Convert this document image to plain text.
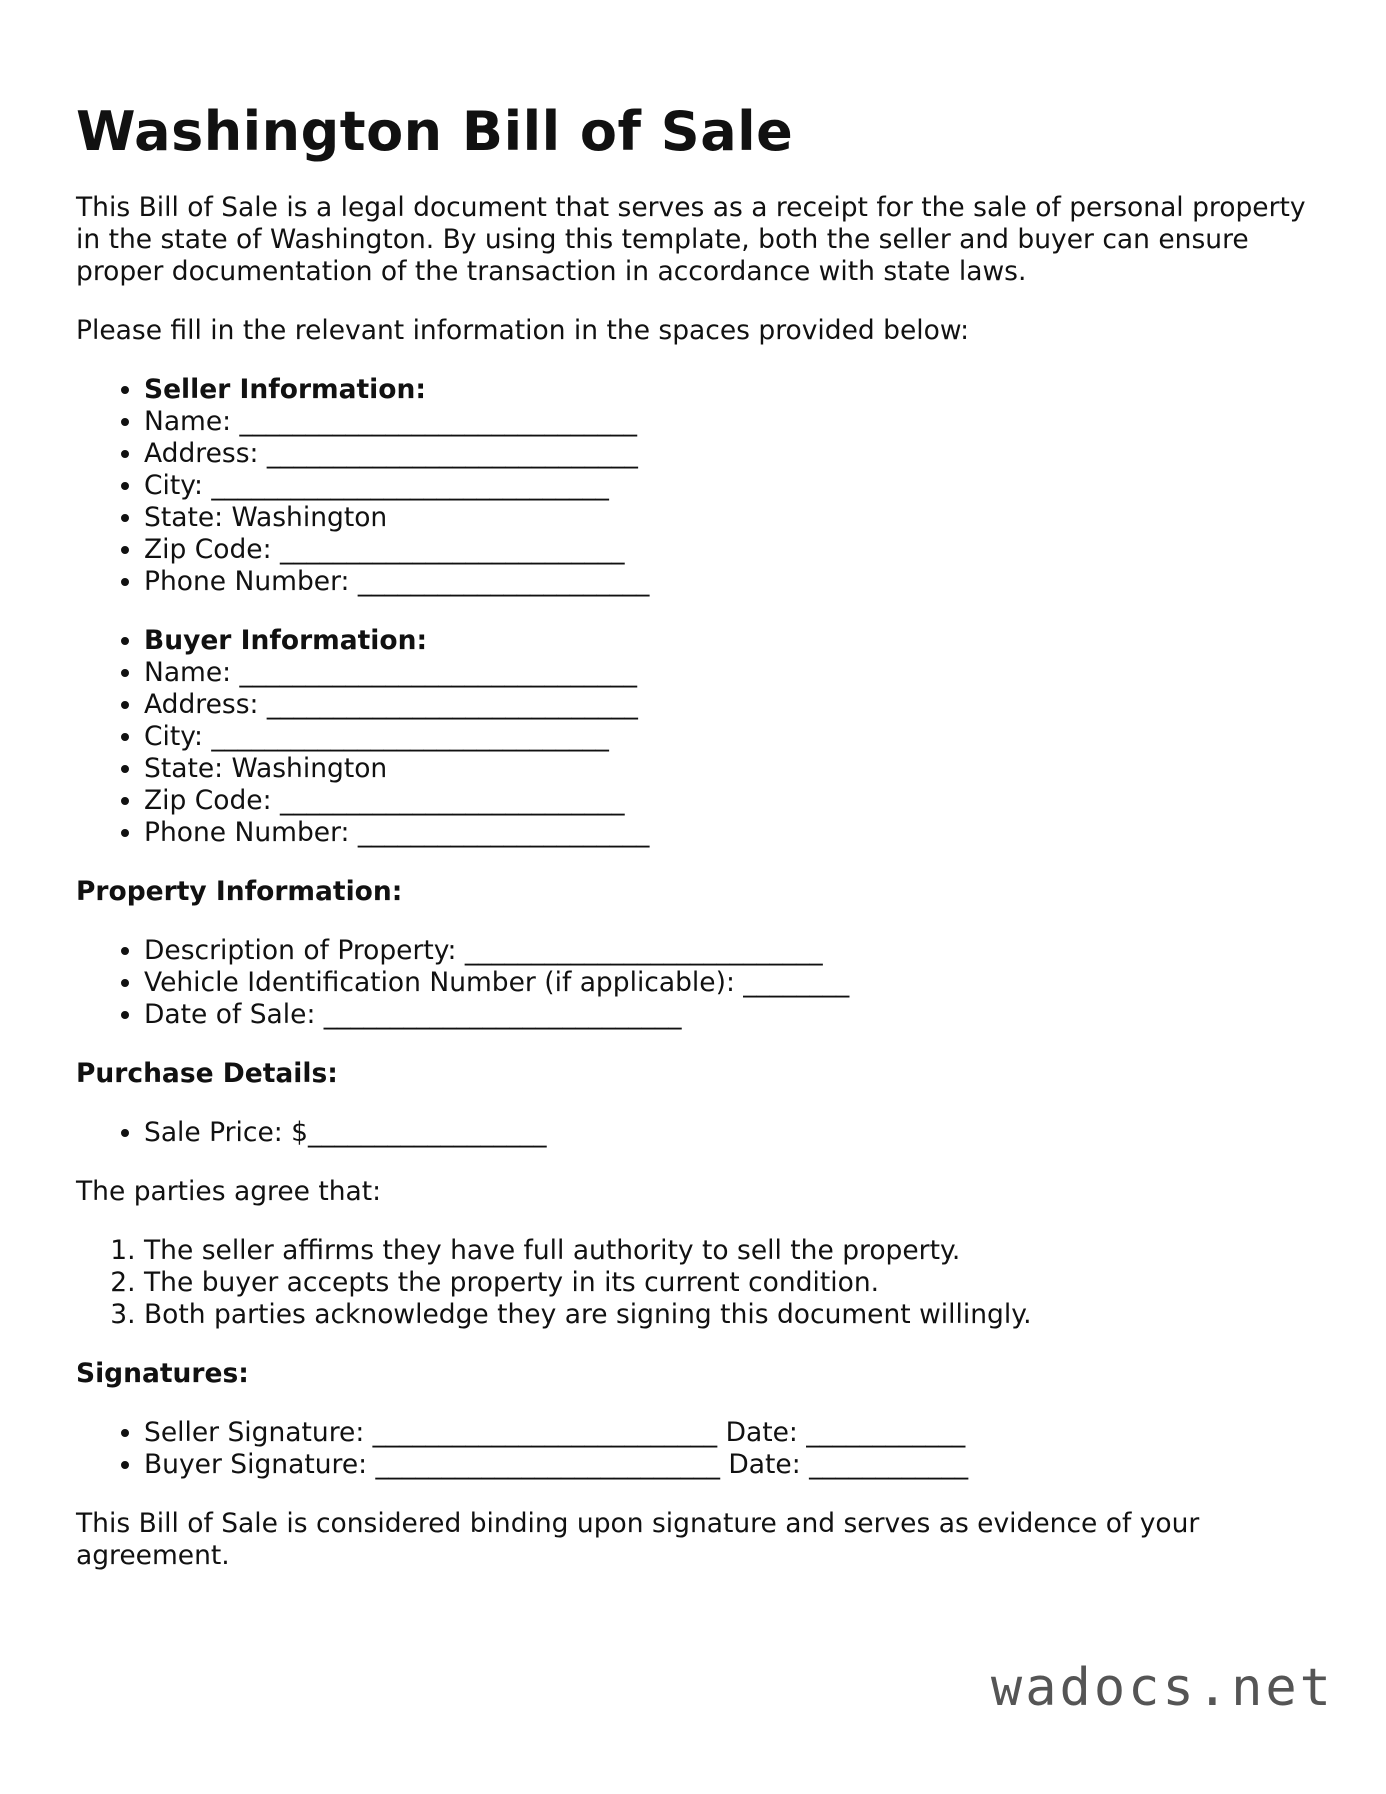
Washington Bill of Sale

This Bill of Sale is a legal document that serves as a receipt for the sale of personal property in the state of Washington. By using this template, both the seller and buyer can ensure proper documentation of the transaction in accordance with state laws.

Please fill in the relevant information in the spaces provided below:

• Seller Information:
• Name: ______________________________
• Address: ____________________________
• City: ______________________________
• State: Washington
• Zip Code: __________________________
• Phone Number: ______________________
• Buyer Information:
• Name: ______________________________
• Address: ____________________________
• City: ______________________________
• State: Washington
• Zip Code: __________________________
• Phone Number: ______________________

Property Information:

• Description of Property: ___________________________
• Vehicle Identification Number (if applicable): ________
• Date of Sale: ___________________________

Purchase Details:

• Sale Price: $__________________

The parties agree that:

1. The seller affirms they have full authority to sell the property.
2. The buyer accepts the property in its current condition.
3. Both parties acknowledge they are signing this document willingly.

Signatures:

• Seller Signature: __________________________ Date: ____________
• Buyer Signature: __________________________ Date: ____________

This Bill of Sale is considered binding upon signature and serves as evidence of your agreement.

wadocs.net
